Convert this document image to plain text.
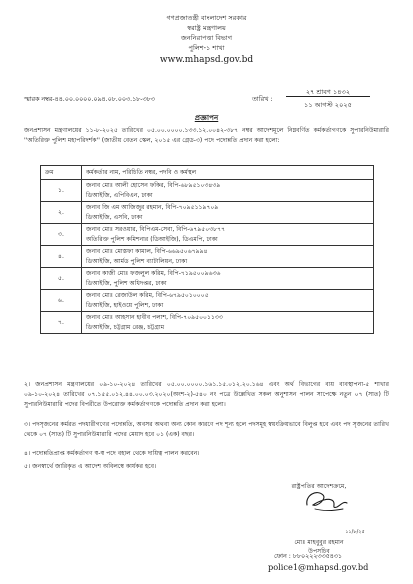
গণপ্রজাতন্ত্রী বাংলাদেশ সরকার
স্বরাষ্ট্র মন্ত্রণালয়
জননিরাপত্তা বিভাগ
পুলিশ-১ শাখা
www.mhapsd.gov.bd
স্মারক নম্বর-৪৪.০০.০০০০.০৯৪.০৮.০০৩.১৮-৩৮৩	তারিখ :
২৭ শ্রাবণ ১৪৩২
১১ আগস্ট ২০২৫
প্রজ্ঞাপন
জনপ্রশাসন মন্ত্রণালয়ের ১১-৮-২০২৫ তারিখের ০৫.০০.০০০০.১৩৩.১২.০০৪২-৩৮৭ নম্বর আদেশমূলে নিম্নবর্ণিত কর্মকর্তাগণকে সুপারনিউমারারি ''অতিরিক্ত পুলিশ মহাপরিদর্শক'' (জাতীয় বেতন স্কেল, ২০১৫ এর গ্রেড-৩) পদে পদোন্নতি প্রদান করা হলো:
ক্রম	কর্মকর্তার নাম, পরিচিতি নম্বর, পদবি ও কর্মস্থল
১.	জনাব মোঃ আলী হোসেন ফকির, বিপি-৬৮৯৫১০৩৪৩৯
ডিআইজি, এপিবিএন, ঢাকা

২.	জনাব জি এম আজিজুর রহমান, বিপি-৭০৯৫১১৯৭০৯
ডিআইজি, এসবি, ঢাকা

৩.	জনাব মোঃ সরওয়ার, বিপিএম-সেবা, বিপি-৬৭৯৫০৩৮৭৭
অতিরিক্ত পুলিশ কমিশনার (ডিআইজি), ডিএমপি, ঢাকা

৪.	জনাব মোঃ মোস্তফা কামাল, বিপি-৬৬৯৫০৬৭৯৯৪
ডিআইজি, আর্মড পুলিশ ব্যাটালিয়ন, ঢাকা

৫.	জনাব কাজী মোঃ ফজলুল করিম, বিপি-৭১৯৫০০৯৬৩৬
ডিআইজি, পুলিশ অধিদপ্তর, ঢাকা

৬.	জনাব মোঃ রেজাউল করিম, বিপি-৬৭৯৫০১০০০৫
ডিআইজি, হাইওয়ে পুলিশ, ঢাকা

৭.	জনাব মোঃ আহসান হাবীব পলাশ, বিপি-৭০৯৫০০১১৩৩
ডিআইজি, চট্টগ্রাম রেঞ্জ, চট্টগ্রাম
২। জনপ্রশাসন মন্ত্রণালয়ের ০৯-১০-২০২৪ তারিখের ০৫.০০.০০০০.১৬১.১৫.০১২.২০.১৬৪ এবং অর্থ বিভাগের ব্যয় ব্যবস্থাপনা-৫ শাখার ০৯-১০-২০২৪ তারিখের ০৭.১৫৫.০১২.৪৪.০০.০৩.২০২০(অংশ-২)-৫৪০ নং পত্রে উল্লেখিত সকল অনুশাসন পালন সাপেক্ষে নতুন ০৭ (সাত) টি সুপারনিউমারারি পদের বিপরীতে উপরোক্ত কর্মকর্তাগণকে পদোন্নতি প্রদান করা হলো।
৩। পদসৃজনের কর্মরত পদধারীগণের পদোন্নতি, অবসর অথবা অন্য কোন কারণে পদ শূন্য হলে পদসমূহ স্বয়ংক্রিয়ভাবে বিলুপ্ত হবে এবং পদ সৃজনের তারিখ থেকে ০৭ (সাত) টি সুপারনিউমারারি পদের মেয়াদ হবে ০১ (এক) বছর।
৪। পদোন্নতিপ্রাপ্ত কর্মকর্তাগণ স্ব-স্ব পদে বহাল থেকে দায়িত্ব পালন করবেন।
৫। জনস্বার্থে জারিকৃত এ আদেশ অবিলম্বে কার্যকর হবে।
রাষ্ট্রপতির আদেশক্রমে,
১১/৮/২৫
মোঃ মাহবুবুর রহমান
উপসচিব
ফোন : ৮৮০২২২৩৩৫৪৩১
police1@mhapsd.gov.bd
